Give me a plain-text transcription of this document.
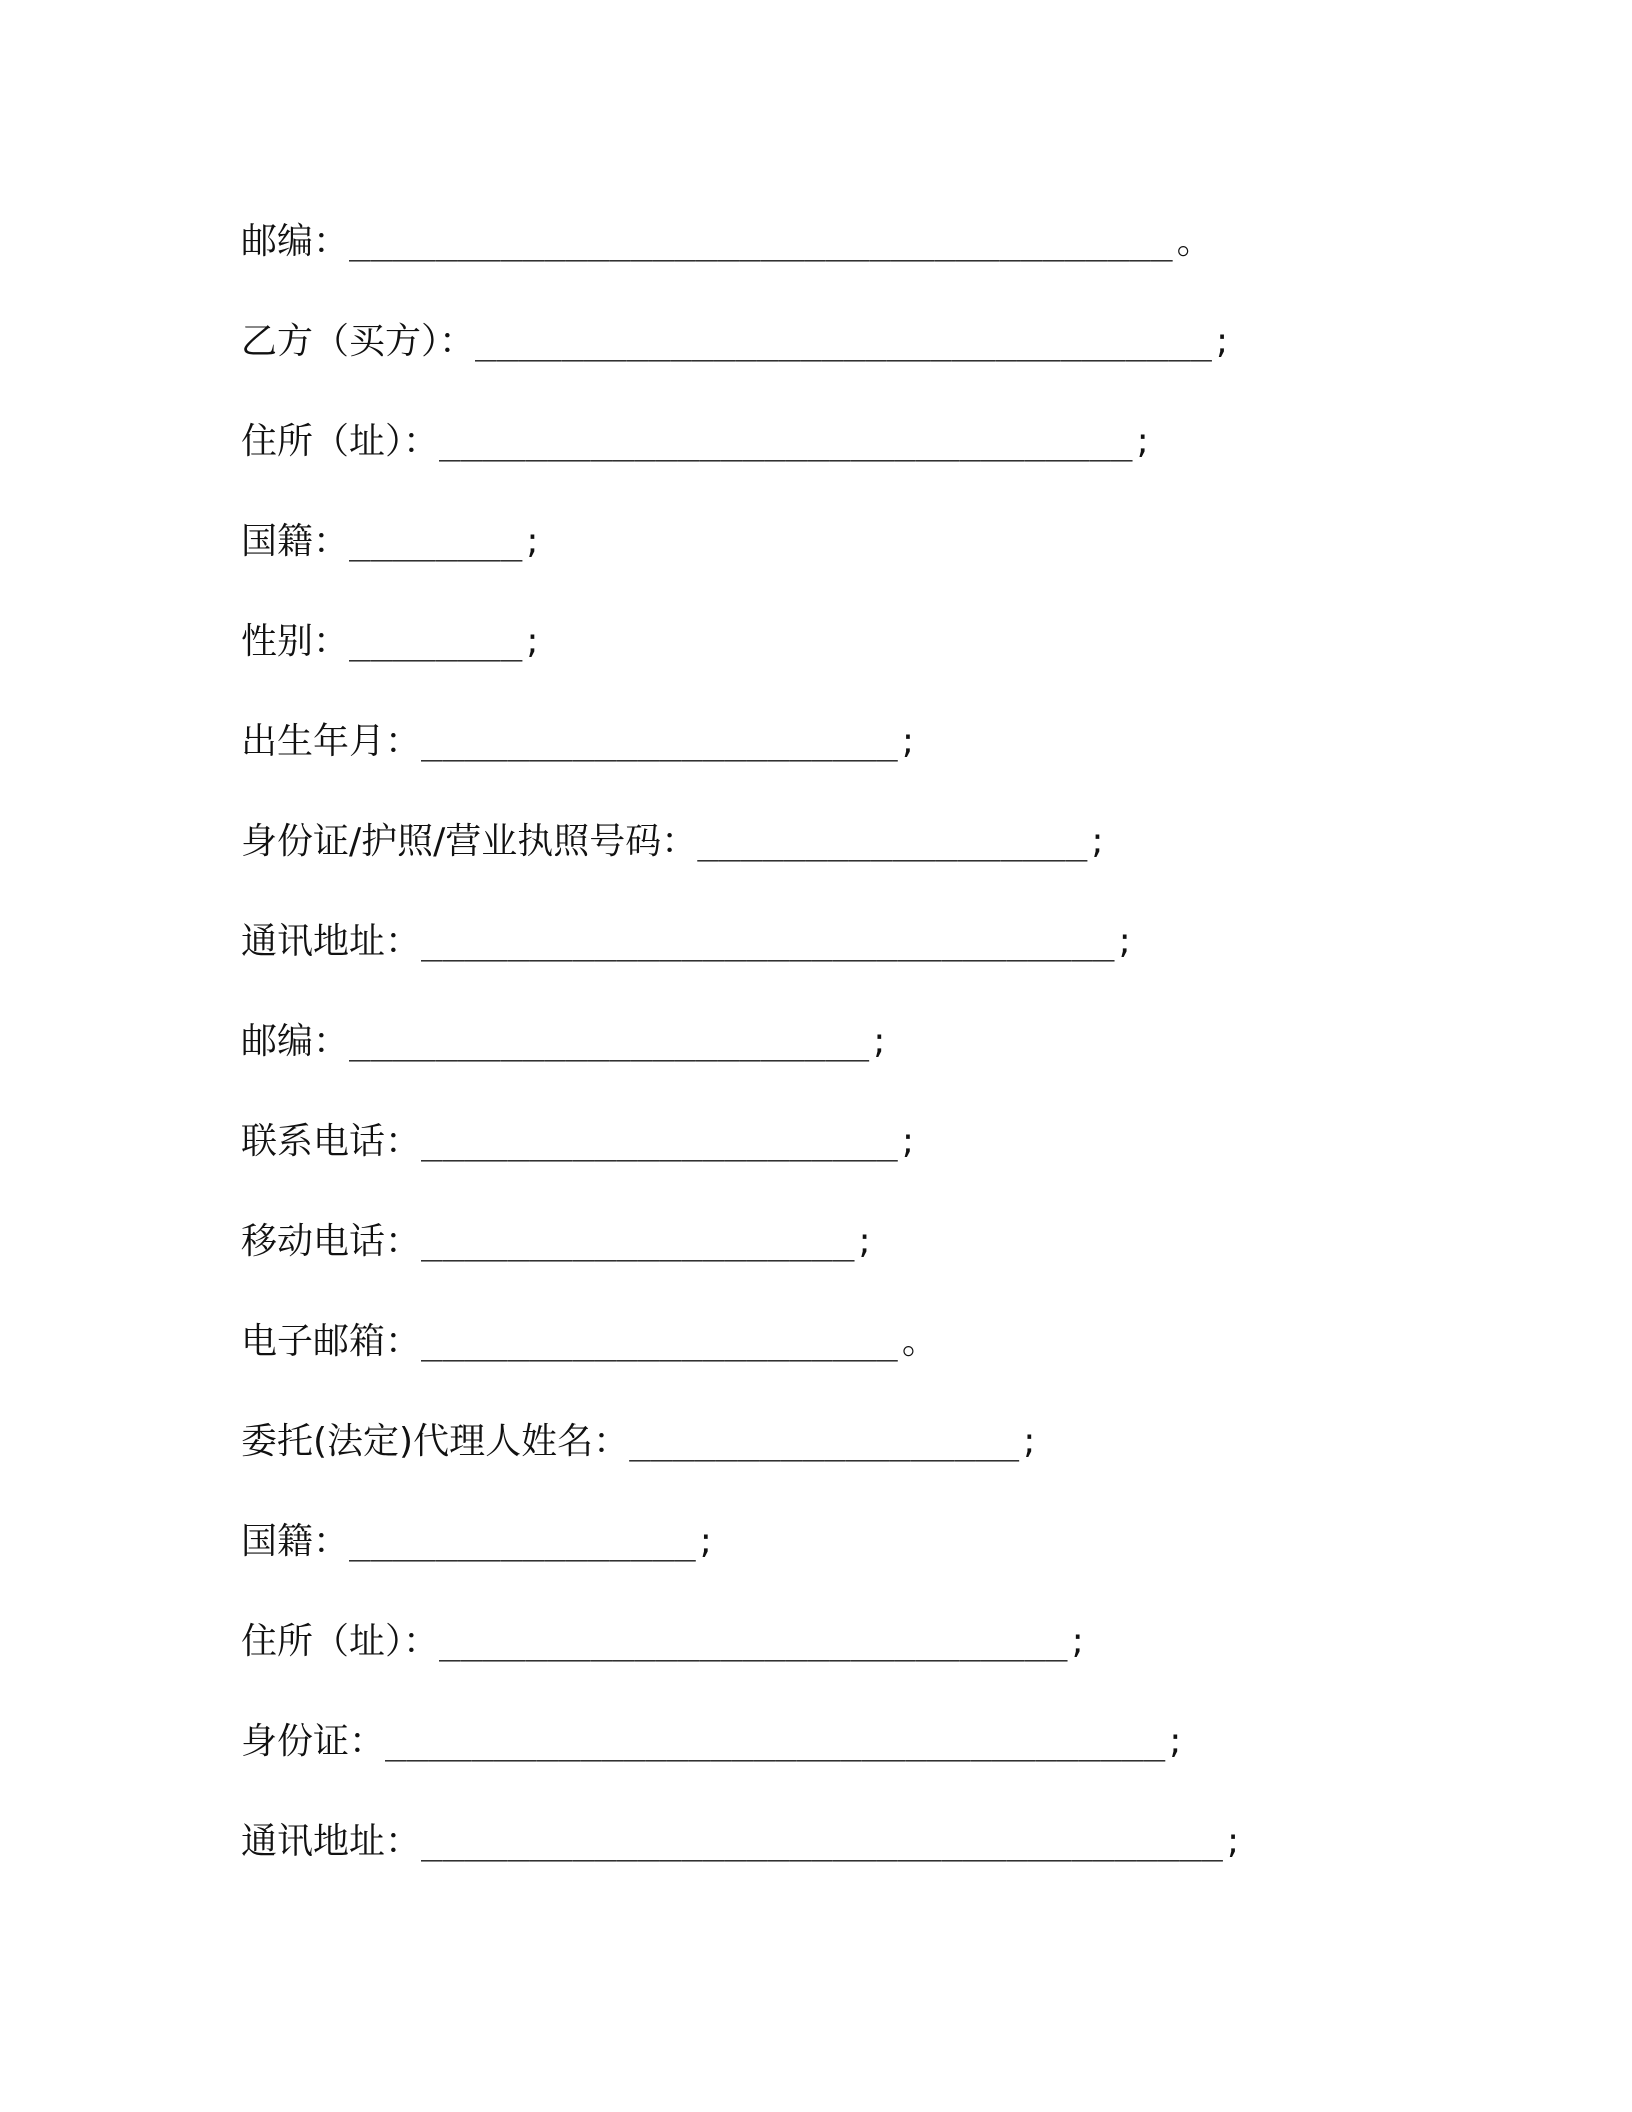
邮编： ______________________________________ 。
乙方（买方）： __________________________________ ;
住所（址）： ________________________________ ;
国籍： ________ ;
性别： ________ ;
出生年月： ______________________ ;
身份证/护照/营业执照号码： __________________ ;
通讯地址： ________________________________ ;
邮编： ________________________ ;
联系电话： ______________________ ;
移动电话： ____________________ ;
电子邮箱： ______________________ 。
委托(法定)代理人姓名： __________________ ;
国籍： ________________ ;
住所（址）： _____________________________ ;
身份证： ____________________________________ ;
通讯地址： _____________________________________ ;
